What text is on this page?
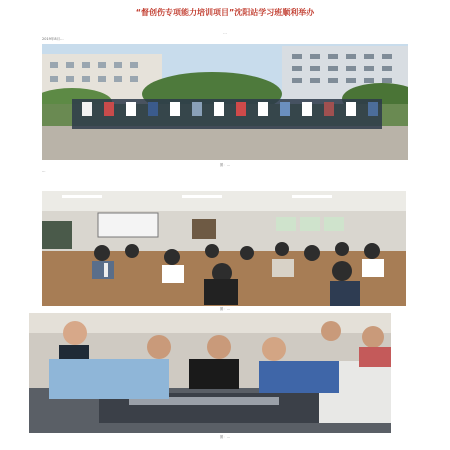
“督创伤专项能力培训项目”沈阳站学习班顺利举办
…
2019年8月…
图：…
…
图：…
图：…
